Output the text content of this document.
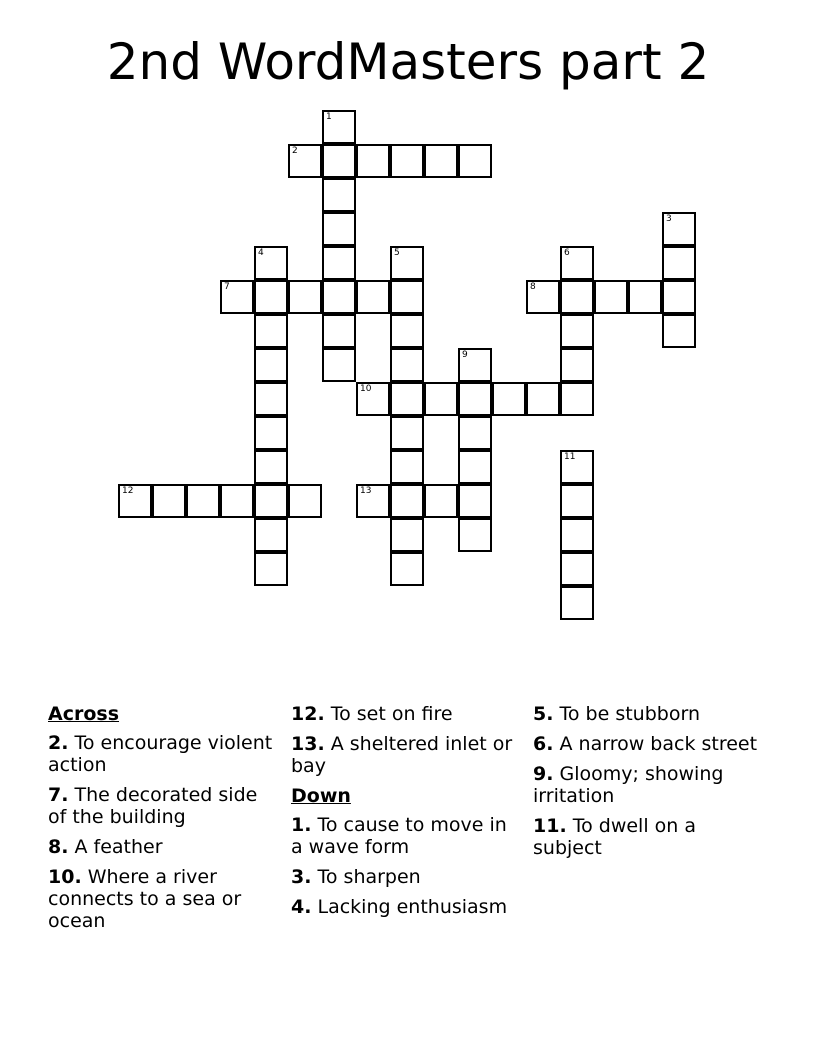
2nd WordMasters part 2
1
2
3
4	5	6
7	8
9
10
11
12	13
Across
2. To encourage violent action
7. The decorated side of the building
8. A feather
10. Where a river connects to a sea or ocean
12. To set on fire
13. A sheltered inlet or bay
Down
1. To cause to move in a wave form
3. To sharpen
4. Lacking enthusiasm
5. To be stubborn
6. A narrow back street
9. Gloomy; showing irritation
11. To dwell on a subject
